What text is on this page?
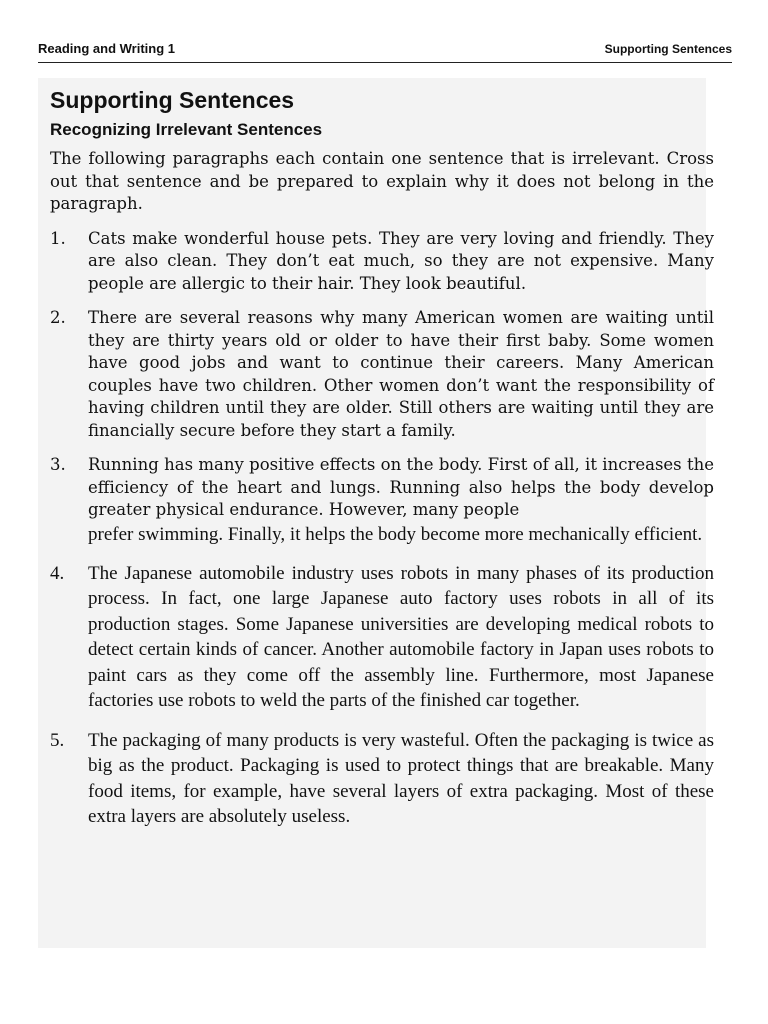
Reading and Writing 1	Supporting Sentences
Supporting Sentences
Recognizing Irrelevant Sentences

The following paragraphs each contain one sentence that is irrelevant. Cross out that sentence and be prepared to explain why it does not belong in the paragraph.

1. Cats make wonderful house pets. They are very loving and friendly. They are also clean. They don’t eat much, so they are not expensive. Many people are allergic to their hair. They look beautiful.
2. There are several reasons why many American women are waiting until they are thirty years old or older to have their first baby. Some women have good jobs and want to continue their careers. Many American couples have two children. Other women don’t want the responsibility of having children until they are older. Still others are waiting until they are financially secure before they start a family.
3. Running has many positive effects on the body. First of all, it increases the efficiency of the heart and lungs. Running also helps the body develop greater physical endurance. However, many people
prefer swimming. Finally, it helps the body become more mechanically efficient.
4. The Japanese automobile industry uses robots in many phases of its production process. In fact, one large Japanese auto factory uses robots in all of its production stages. Some Japanese universities are developing medical robots to detect certain kinds of cancer. Another automobile factory in Japan uses robots to paint cars as they come off the assembly line. Furthermore, most Japanese factories use robots to weld the parts of the finished car together.
5. The packaging of many products is very wasteful. Often the packaging is twice as big as the product. Packaging is used to protect things that are breakable. Many food items, for example, have several layers of extra packaging. Most of these extra layers are absolutely useless.
